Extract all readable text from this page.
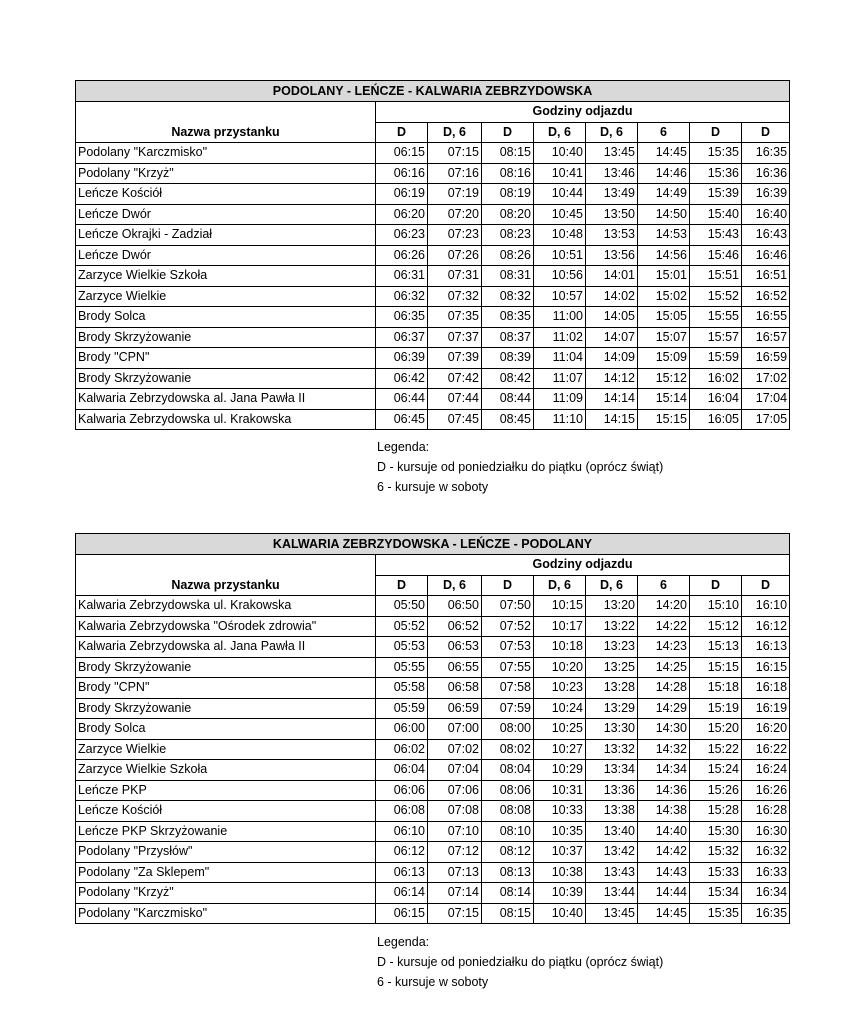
PODOLANY - LEŃCZE - KALWARIA ZEBRZYDOWSKA								
Nazwa przystanku	Godziny odjazdu							
	D	D, 6	D	D, 6	D, 6	6	D	D
Podolany "Karczmisko"	06:15	07:15	08:15	10:40	13:45	14:45	15:35	16:35
Podolany "Krzyż"	06:16	07:16	08:16	10:41	13:46	14:46	15:36	16:36
Leńcze Kościół	06:19	07:19	08:19	10:44	13:49	14:49	15:39	16:39
Leńcze Dwór	06:20	07:20	08:20	10:45	13:50	14:50	15:40	16:40
Leńcze Okrajki - Zadział	06:23	07:23	08:23	10:48	13:53	14:53	15:43	16:43
Leńcze Dwór	06:26	07:26	08:26	10:51	13:56	14:56	15:46	16:46
Zarzyce Wielkie Szkoła	06:31	07:31	08:31	10:56	14:01	15:01	15:51	16:51
Zarzyce Wielkie	06:32	07:32	08:32	10:57	14:02	15:02	15:52	16:52
Brody Solca	06:35	07:35	08:35	11:00	14:05	15:05	15:55	16:55
Brody Skrzyżowanie	06:37	07:37	08:37	11:02	14:07	15:07	15:57	16:57
Brody "CPN"	06:39	07:39	08:39	11:04	14:09	15:09	15:59	16:59
Brody Skrzyżowanie	06:42	07:42	08:42	11:07	14:12	15:12	16:02	17:02
Kalwaria Zebrzydowska al. Jana Pawła II	06:44	07:44	08:44	11:09	14:14	15:14	16:04	17:04
Kalwaria Zebrzydowska ul. Krakowska	06:45	07:45	08:45	11:10	14:15	15:15	16:05	17:05
Legenda:
D - kursuje od poniedziałku do piątku (oprócz świąt)
6 - kursuje w soboty
KALWARIA ZEBRZYDOWSKA - LEŃCZE - PODOLANY								
Nazwa przystanku	Godziny odjazdu							
	D	D, 6	D	D, 6	D, 6	6	D	D
Kalwaria Zebrzydowska ul. Krakowska	05:50	06:50	07:50	10:15	13:20	14:20	15:10	16:10
Kalwaria Zebrzydowska "Ośrodek zdrowia"	05:52	06:52	07:52	10:17	13:22	14:22	15:12	16:12
Kalwaria Zebrzydowska al. Jana Pawła II	05:53	06:53	07:53	10:18	13:23	14:23	15:13	16:13
Brody Skrzyżowanie	05:55	06:55	07:55	10:20	13:25	14:25	15:15	16:15
Brody "CPN"	05:58	06:58	07:58	10:23	13:28	14:28	15:18	16:18
Brody Skrzyżowanie	05:59	06:59	07:59	10:24	13:29	14:29	15:19	16:19
Brody Solca	06:00	07:00	08:00	10:25	13:30	14:30	15:20	16:20
Zarzyce Wielkie	06:02	07:02	08:02	10:27	13:32	14:32	15:22	16:22
Zarzyce Wielkie Szkoła	06:04	07:04	08:04	10:29	13:34	14:34	15:24	16:24
Leńcze PKP	06:06	07:06	08:06	10:31	13:36	14:36	15:26	16:26
Leńcze Kościół	06:08	07:08	08:08	10:33	13:38	14:38	15:28	16:28
Leńcze PKP Skrzyżowanie	06:10	07:10	08:10	10:35	13:40	14:40	15:30	16:30
Podolany "Przysłów"	06:12	07:12	08:12	10:37	13:42	14:42	15:32	16:32
Podolany "Za Sklepem"	06:13	07:13	08:13	10:38	13:43	14:43	15:33	16:33
Podolany "Krzyż"	06:14	07:14	08:14	10:39	13:44	14:44	15:34	16:34
Podolany "Karczmisko"	06:15	07:15	08:15	10:40	13:45	14:45	15:35	16:35
Legenda:
D - kursuje od poniedziałku do piątku (oprócz świąt)
6 - kursuje w soboty
